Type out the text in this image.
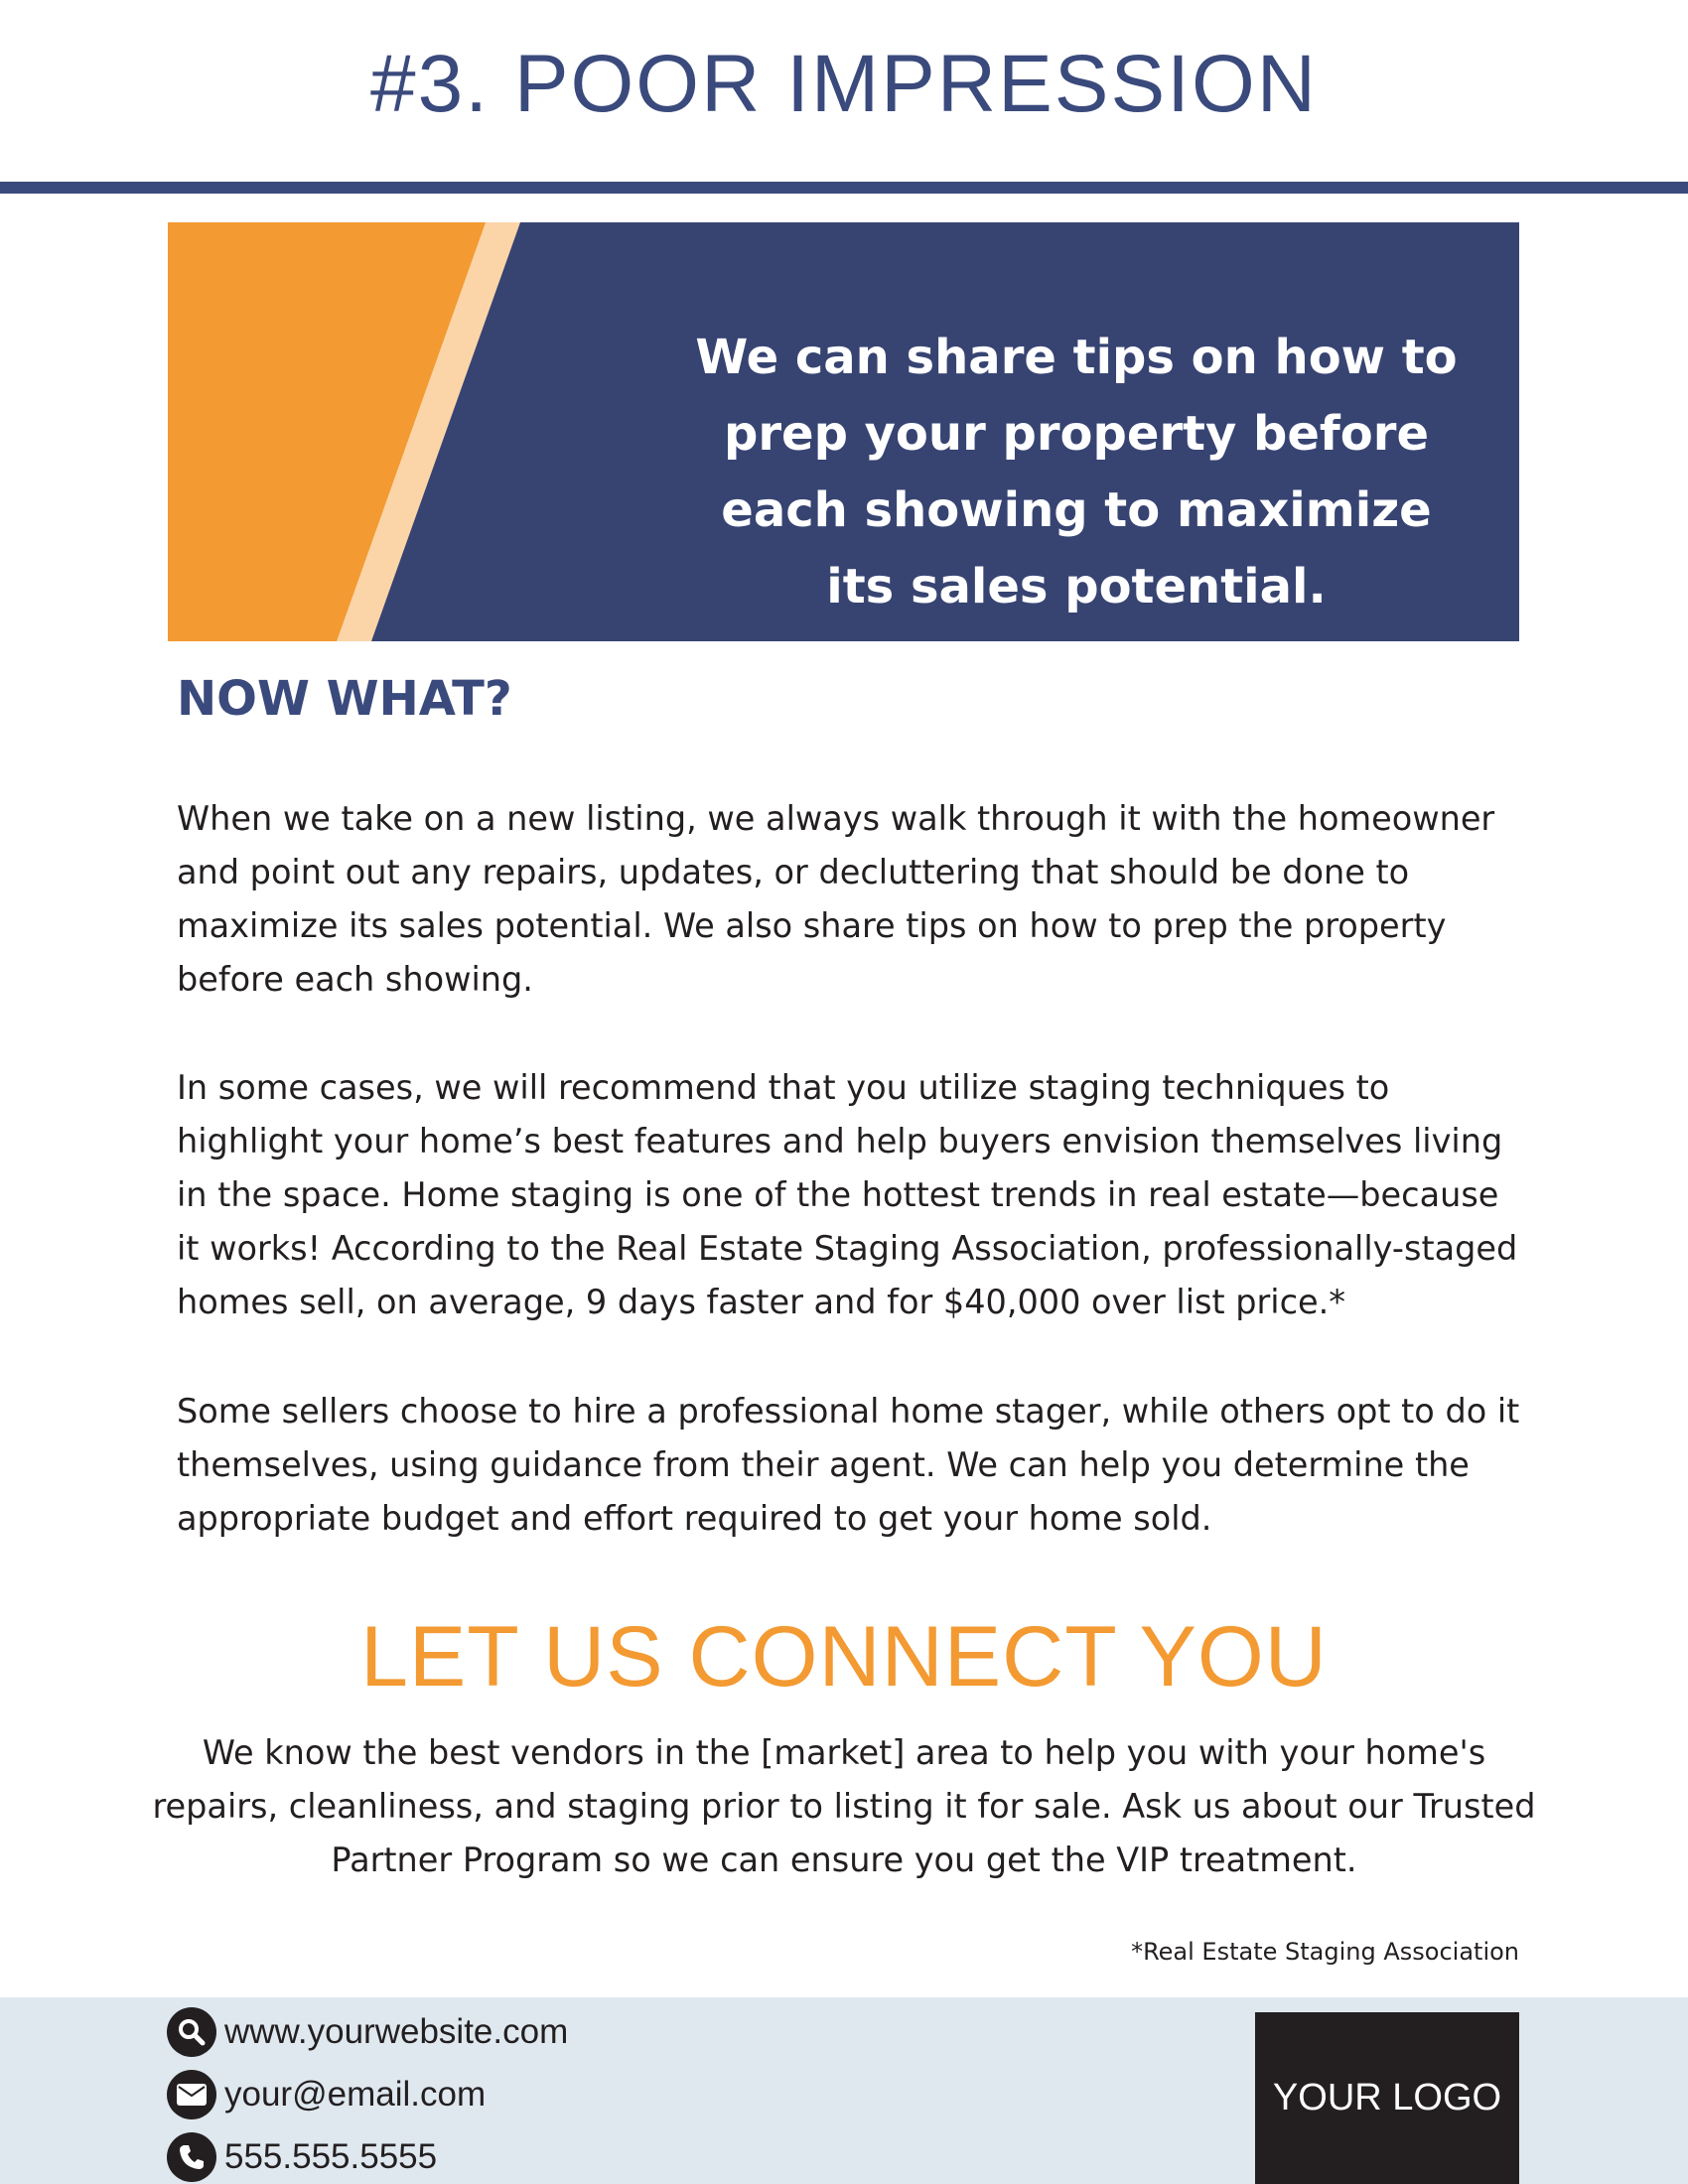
#3. POOR IMPRESSION

We can share tips on how to prep your property before each showing to maximize its sales potential.

NOW WHAT?

When we take on a new listing, we always walk through it with the homeowner and point out any repairs, updates, or decluttering that should be done to maximize its sales potential. We also share tips on how to prep the property before each showing.

In some cases, we will recommend that you utilize staging techniques to highlight your home’s best features and help buyers envision themselves living in the space. Home staging is one of the hottest trends in real estate—because it works! According to the Real Estate Staging Association, professionally-staged homes sell, on average, 9 days faster and for $40,000 over list price.*

Some sellers choose to hire a professional home stager, while others opt to do it themselves, using guidance from their agent. We can help you determine the appropriate budget and effort required to get your home sold.

LET US CONNECT YOU

We know the best vendors in the [market] area to help you with your home's repairs, cleanliness, and staging prior to listing it for sale. Ask us about our Trusted Partner Program so we can ensure you get the VIP treatment.

*Real Estate Staging Association

www.yourwebsite.com
your@email.com
555.555.5555
YOUR LOGO
